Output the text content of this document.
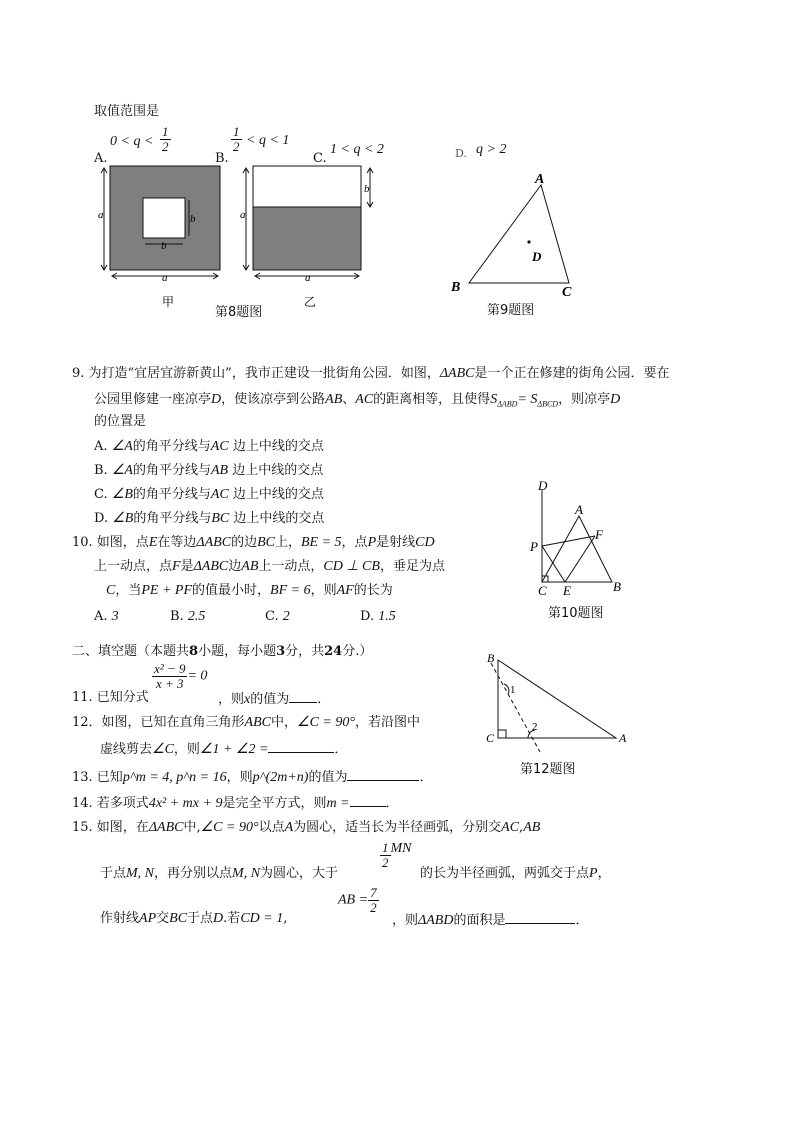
取值范围是
A.
$0 < q < \frac{1}{2}$
B.
$\frac{1}{2} < q < 1$
C.
1 < q < 2	D. q > 2
a	b
b
a
甲
a
b
a
乙
第8题图
A
B	C
D
第9题图
9. 为打造“宜居宜游新黄山”，我市正建设一批街角公园．如图，ΔABC是一个正在修建的街角公园．要在
公园里修建一座凉亭D，使该凉亭到公路AB、AC的距离相等，且使得$S_{\Delta ABD}= S_{\Delta BCD}$，则凉亭D
的位置是
A. ∠A的角平分线与AC 边上中线的交点
B. ∠A的角平分线与AB 边上中线的交点
C. ∠B的角平分线与AC 边上中线的交点
D. ∠B的角平分线与BC 边上中线的交点
D
A
F
P
C E	B
第10题图
10. 如图，点E在等边ΔABC的边BC上，BE = 5，点P是射线CD
上一动点，点F是ΔABC边AB上一动点，CD ⊥ CB，垂足为点
C，当PE + PF的值最小时，BF = 6，则AF的长为
A. 3	B. 2.5	C. 2	D. 1.5
二、填空题（本题共8小题，每小题3分，共24分.）	B
C	A
1
2
第12题图
11. 已知分式
$\frac{\text{x² − 9}}{x + 3} = 0$
，则x的值为 ．
12．如图，已知在直角三角形ABC中，∠C = 90°，若沿图中
虚线剪去∠C，则∠1 + ∠2 =	．
13. 已知p^m = 4, p^n = 16，则p^(2m+n)的值为	．
14. 若多项式4x² + mx + 9是完全平方式，则m =	．
15. 如图，在ΔABC中,∠C = 90°以点A为圆心，适当长为半径画弧，分别交AC,AB
于点M, N，再分别以点M, N为圆心，大于
$\frac{1}{2}$ MN
的长为半径画弧，两弧交于点P，
作射线AP交BC于点D.若CD = 1,
AB = $\frac{7}{2}$
，则ΔABD的面积是	．
